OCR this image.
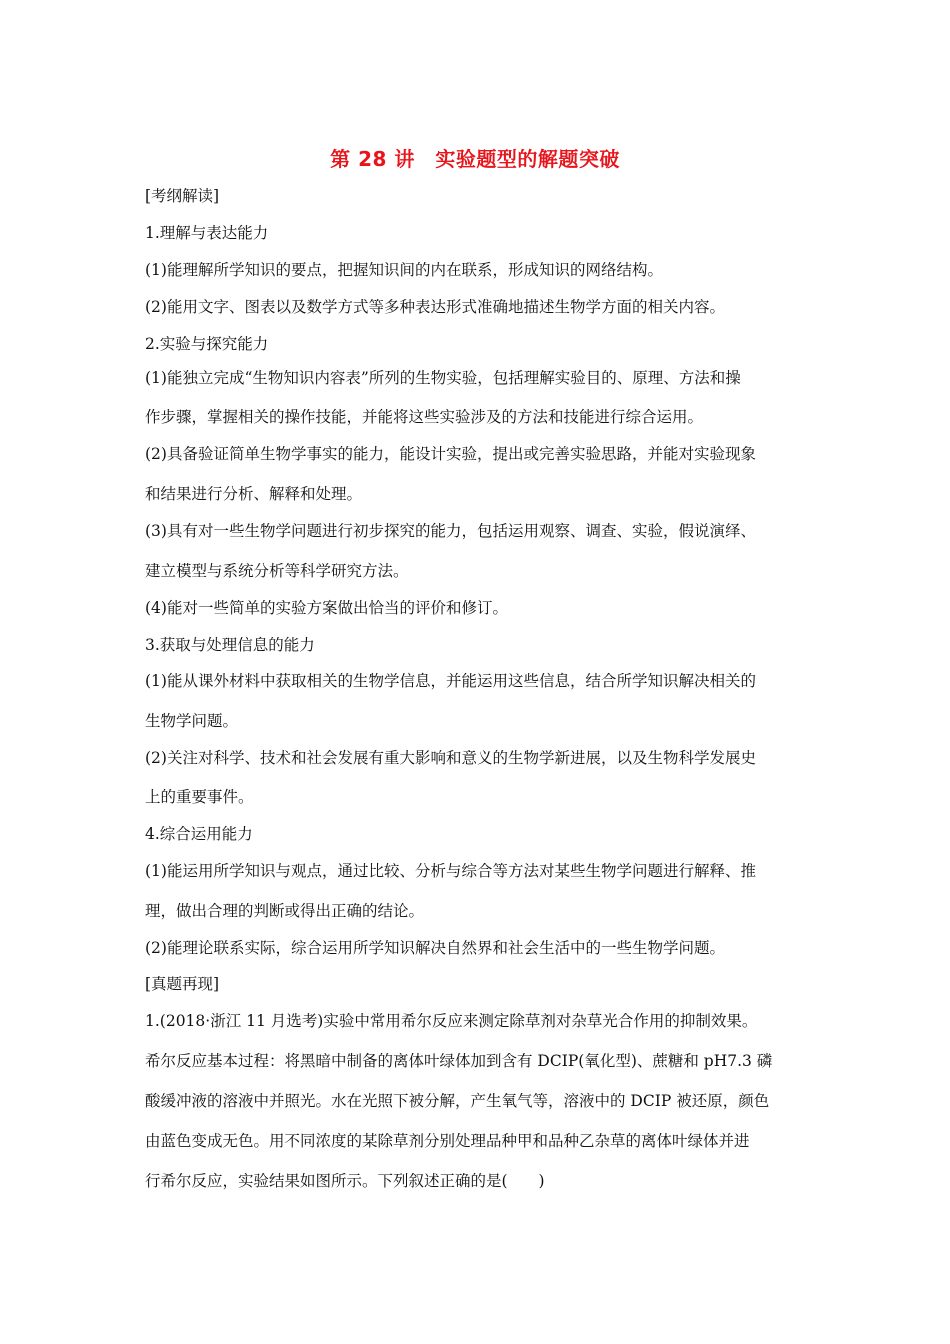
第 28 讲　实验题型的解题突破
[考纲解读]
1.理解与表达能力
(1)能理解所学知识的要点，把握知识间的内在联系，形成知识的网络结构。
(2)能用文字、图表以及数学方式等多种表达形式准确地描述生物学方面的相关内容。
2.实验与探究能力
(1)能独立完成“生物知识内容表”所列的生物实验，包括理解实验目的、原理、方法和操
作步骤，掌握相关的操作技能，并能将这些实验涉及的方法和技能进行综合运用。
(2)具备验证简单生物学事实的能力，能设计实验，提出或完善实验思路，并能对实验现象
和结果进行分析、解释和处理。
(3)具有对一些生物学问题进行初步探究的能力，包括运用观察、调查、实验，假说演绎、
建立模型与系统分析等科学研究方法。
(4)能对一些简单的实验方案做出恰当的评价和修订。
3.获取与处理信息的能力
(1)能从课外材料中获取相关的生物学信息，并能运用这些信息，结合所学知识解决相关的
生物学问题。
(2)关注对科学、技术和社会发展有重大影响和意义的生物学新进展，以及生物科学发展史
上的重要事件。
4.综合运用能力
(1)能运用所学知识与观点，通过比较、分析与综合等方法对某些生物学问题进行解释、推
理，做出合理的判断或得出正确的结论。
(2)能理论联系实际，综合运用所学知识解决自然界和社会生活中的一些生物学问题。
[真题再现]
1.(2018·浙江 11 月选考)实验中常用希尔反应来测定除草剂对杂草光合作用的抑制效果。
希尔反应基本过程：将黑暗中制备的离体叶绿体加到含有 DCIP(氧化型)、蔗糖和 pH7.3 磷
酸缓冲液的溶液中并照光。水在光照下被分解，产生氧气等，溶液中的 DCIP 被还原，颜色
由蓝色变成无色。用不同浓度的某除草剂分别处理品种甲和品种乙杂草的离体叶绿体并进
行希尔反应，实验结果如图所示。下列叙述正确的是(　　)
